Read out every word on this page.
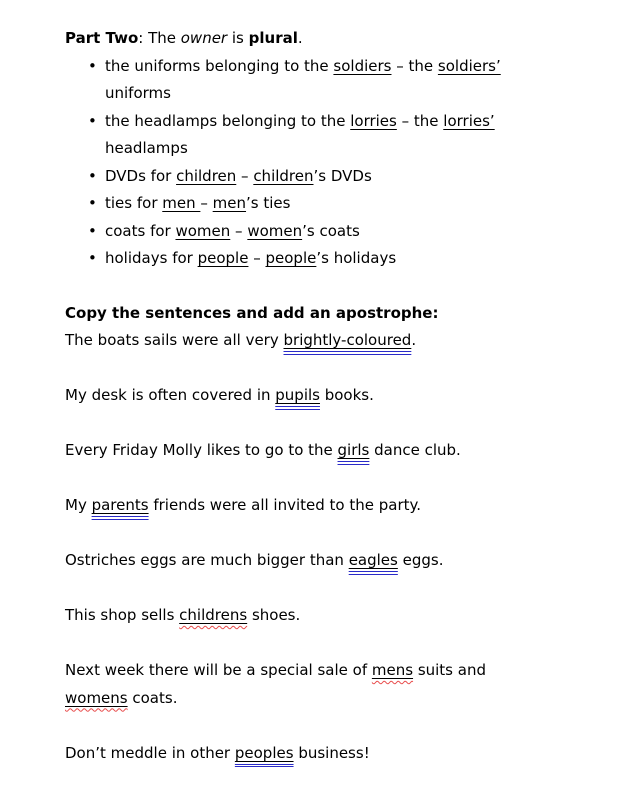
Part Two: The owner is plural.

• the uniforms belonging to the soldiers – the soldiers’
uniforms
• the headlamps belonging to the lorries – the lorries’
headlamps
• DVDs for children – children’s DVDs
• ties for men – men’s ties
• coats for women – women’s coats
• holidays for people – people’s holidays

Copy the sentences and add an apostrophe:

The boats sails were all very brightly-coloured.

My desk is often covered in pupils books.

Every Friday Molly likes to go to the girls dance club.

My parents friends were all invited to the party.

Ostriches eggs are much bigger than eagles eggs.

This shop sells childrens shoes.

Next week there will be a special sale of mens suits and
womens coats.

Don’t meddle in other peoples business!
